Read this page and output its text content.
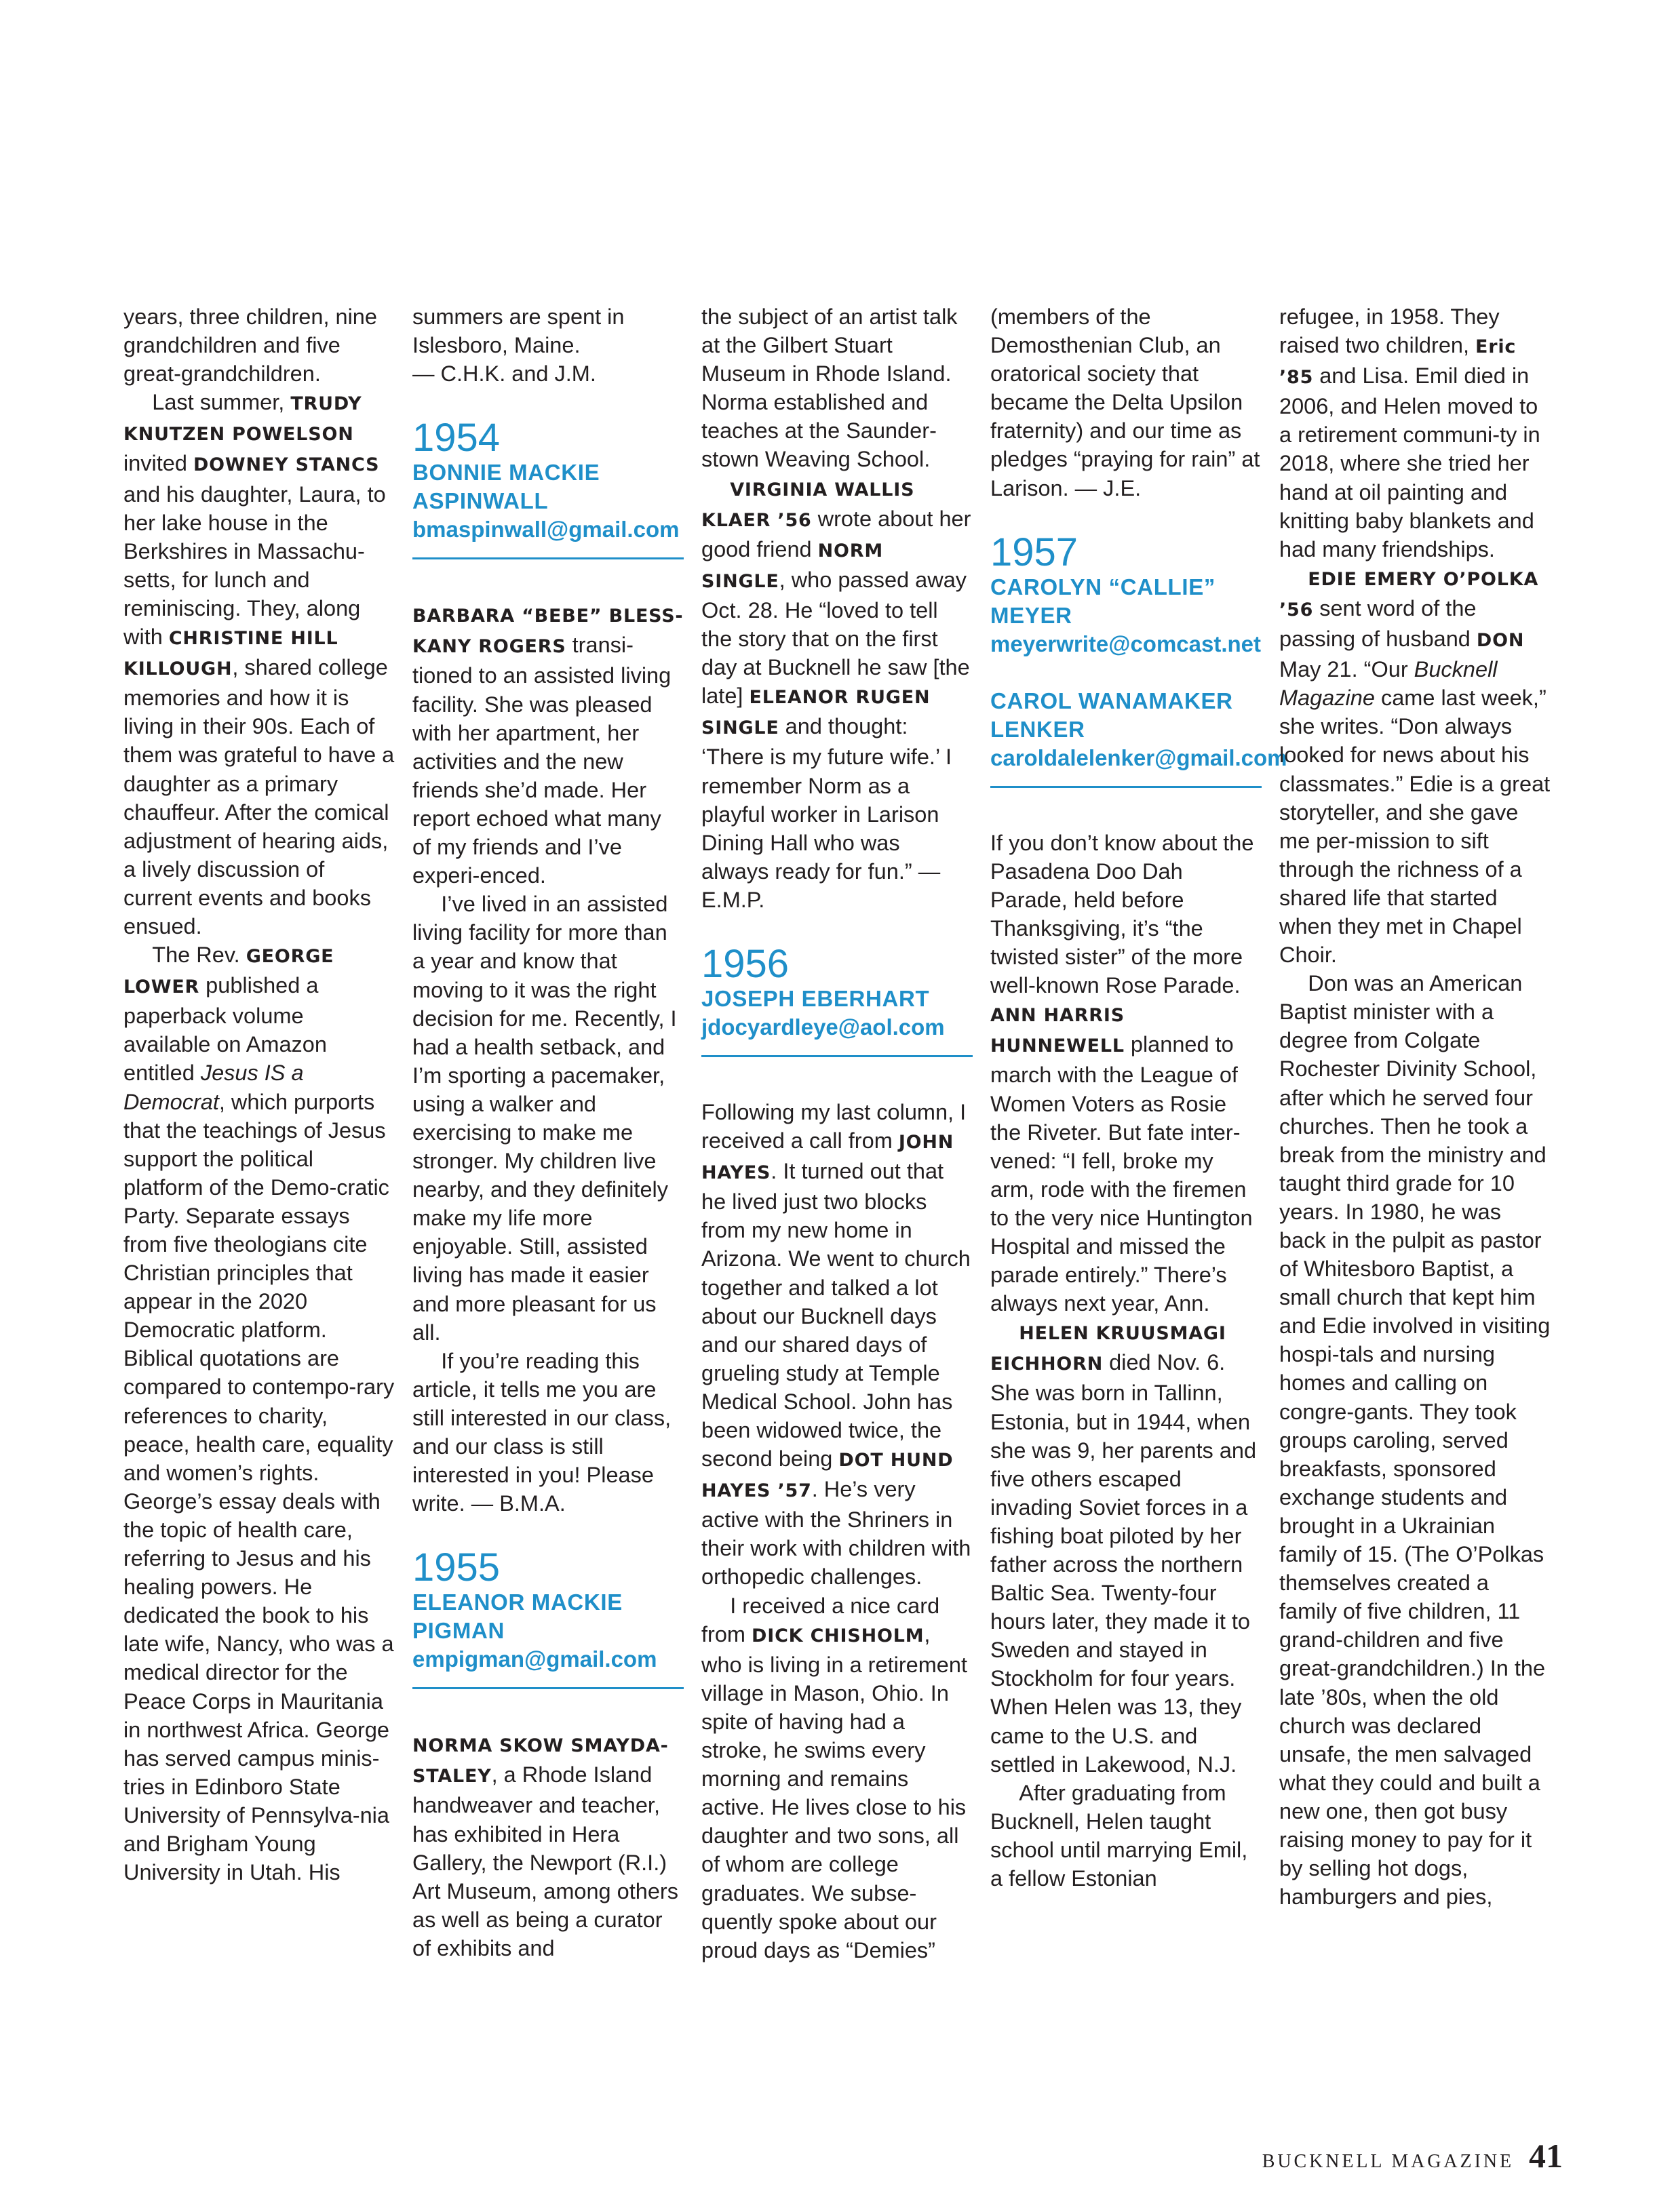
years, three children, nine grandchildren and five great-grandchildren.

Last summer, TRUDY KNUTZEN POWELSON invited DOWNEY STANCS and his daughter, Laura, to her lake house in the Berkshires in Massachu-setts, for lunch and reminiscing. They, along with CHRISTINE HILL KILLOUGH, shared college memories and how it is living in their 90s. Each of them was grateful to have a daughter as a primary chauffeur. After the comical adjustment of hearing aids, a lively discussion of current events and books ensued.

The Rev. GEORGE LOWER published a paperback volume available on Amazon entitled Jesus IS a Democrat, which purports that the teachings of Jesus support the political platform of the Demo-cratic Party. Separate essays from five theologians cite Christian principles that appear in the 2020 Democratic platform. Biblical quotations are compared to contempo-rary references to charity, peace, health care, equality and women’s rights. George’s essay deals with the topic of health care, referring to Jesus and his healing powers. He dedicated the book to his late wife, Nancy, who was a medical director for the Peace Corps in Mauritania in northwest Africa. George has served campus minis-tries in Edinboro State University of Pennsylva-nia and Brigham Young University in Utah. His

summers are spent in Islesboro, Maine.
— C.H.K. and J.M.

1954
BONNIE MACKIE ASPINWALL
bmaspinwall@gmail.com

BARBARA “BEBE” BLESS-KANY ROGERS transi-tioned to an assisted living facility. She was pleased with her apartment, her activities and the new friends she’d made. Her report echoed what many of my friends and I’ve experi-enced.

I’ve lived in an assisted living facility for more than a year and know that moving to it was the right decision for me. Recently, I had a health setback, and I’m sporting a pacemaker, using a walker and exercising to make me stronger. My children live nearby, and they definitely make my life more enjoyable. Still, assisted living has made it easier and more pleasant for us all.

If you’re reading this article, it tells me you are still interested in our class, and our class is still interested in you! Please write. — B.M.A.

1955
ELEANOR MACKIE PIGMAN
empigman@gmail.com

NORMA SKOW SMAYDA-STALEY, a Rhode Island handweaver and teacher, has exhibited in Hera Gallery, the Newport (R.I.) Art Museum, among others as well as being a curator of exhibits and

the subject of an artist talk at the Gilbert Stuart Museum in Rhode Island. Norma established and teaches at the Saunder-stown Weaving School.

VIRGINIA WALLIS KLAER ’56 wrote about her good friend NORM SINGLE, who passed away Oct. 28. He “loved to tell the story that on the first day at Bucknell he saw [the late] ELEANOR RUGEN SINGLE and thought: ‘There is my future wife.’ I remember Norm as a playful worker in Larison Dining Hall who was always ready for fun.” — E.M.P.

1956
JOSEPH EBERHART
jdocyardleye@aol.com

Following my last column, I received a call from JOHN HAYES. It turned out that he lived just two blocks from my new home in Arizona. We went to church together and talked a lot about our Bucknell days and our shared days of grueling study at Temple Medical School. John has been widowed twice, the second being DOT HUND HAYES ’57. He’s very active with the Shriners in their work with children with orthopedic challenges.

I received a nice card from DICK CHISHOLM, who is living in a retirement village in Mason, Ohio. In spite of having had a stroke, he swims every morning and remains active. He lives close to his daughter and two sons, all of whom are college graduates. We subse-quently spoke about our proud days as “Demies”

(members of the Demosthenian Club, an oratorical society that became the Delta Upsilon fraternity) and our time as pledges “praying for rain” at Larison. — J.E.

1957
CAROLYN “CALLIE” MEYER
meyerwrite@comcast.net
CAROL WANAMAKER LENKER
caroldalelenker@gmail.com

If you don’t know about the Pasadena Doo Dah Parade, held before Thanksgiving, it’s “the twisted sister” of the more well-known Rose Parade. ANN HARRIS HUNNEWELL planned to march with the League of Women Voters as Rosie the Riveter. But fate inter-vened: “I fell, broke my arm, rode with the firemen to the very nice Huntington Hospital and missed the parade entirely.” There’s always next year, Ann.

HELEN KRUUSMAGI EICHHORN died Nov. 6. She was born in Tallinn, Estonia, but in 1944, when she was 9, her parents and five others escaped invading Soviet forces in a fishing boat piloted by her father across the northern Baltic Sea. Twenty-four hours later, they made it to Sweden and stayed in Stockholm for four years. When Helen was 13, they came to the U.S. and settled in Lakewood, N.J.

After graduating from Bucknell, Helen taught school until marrying Emil, a fellow Estonian

refugee, in 1958. They raised two children, Eric ’85 and Lisa. Emil died in 2006, and Helen moved to a retirement communi-ty in 2018, where she tried her hand at oil painting and knitting baby blankets and had many friendships.

EDIE EMERY O’POLKA ’56 sent word of the passing of husband DON May 21. “Our Bucknell Magazine came last week,” she writes. “Don always looked for news about his classmates.” Edie is a great storyteller, and she gave me per-mission to sift through the richness of a shared life that started when they met in Chapel Choir.

Don was an American Baptist minister with a degree from Colgate Rochester Divinity School, after which he served four churches. Then he took a break from the ministry and taught third grade for 10 years. In 1980, he was back in the pulpit as pastor of Whitesboro Baptist, a small church that kept him and Edie involved in visiting hospi-tals and nursing homes and calling on congre-gants. They took groups caroling, served breakfasts, sponsored exchange students and brought in a Ukrainian family of 15. (The O’Polkas themselves created a family of five children, 11 grand-children and five great-grandchildren.) In the late ’80s, when the old church was declared unsafe, the men salvaged what they could and built a new one, then got busy raising money to pay for it by selling hot dogs, hamburgers and pies,

BUCKNELL MAGAZINE 41
